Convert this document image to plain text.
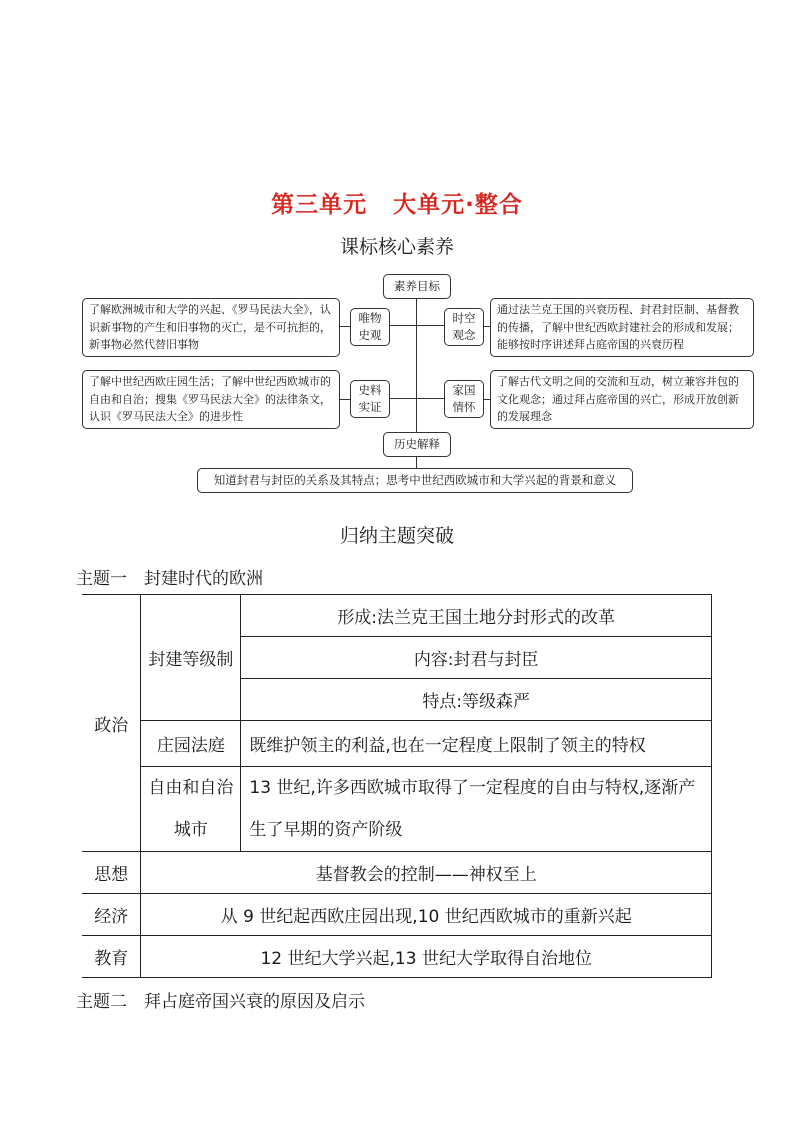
第三单元 大单元·整合
课标核心素养
素养目标
唯物
史观
时空
观念
史料
实证
家国
情怀
了解欧洲城市和大学的兴起、《罗马民法大全》，认识新事物的产生和旧事物的灭亡，是不可抗拒的，新事物必然代替旧事物
通过法兰克王国的兴衰历程、封君封臣制、基督教的传播，了解中世纪西欧封建社会的形成和发展；能够按时序讲述拜占庭帝国的兴衰历程
了解中世纪西欧庄园生活；了解中世纪西欧城市的自由和自治；搜集《罗马民法大全》的法律条文，认识《罗马民法大全》的进步性
了解古代文明之间的交流和互动，树立兼容并包的文化观念；通过拜占庭帝国的兴亡，形成开放创新的发展理念
历史解释
知道封君与封臣的关系及其特点；思考中世纪西欧城市和大学兴起的背景和意义
归纳主题突破
主题一　封建时代的欧洲
政治	封建等级制	形成:法兰克王国土地分封形式的改革
		内容:封君与封臣
		特点:等级森严
	庄园法庭	既维护领主的利益,也在一定程度上限制了领主的特权
	自由和自治城市	13 世纪,许多西欧城市取得了一定程度的自由与特权,逐渐产生了早期的资产阶级

思想	基督教会的控制——神权至上	
经济	从 9 世纪起西欧庄园出现,10 世纪西欧城市的重新兴起	
教育	12 世纪大学兴起,13 世纪大学取得自治地位	
主题二　拜占庭帝国兴衰的原因及启示
